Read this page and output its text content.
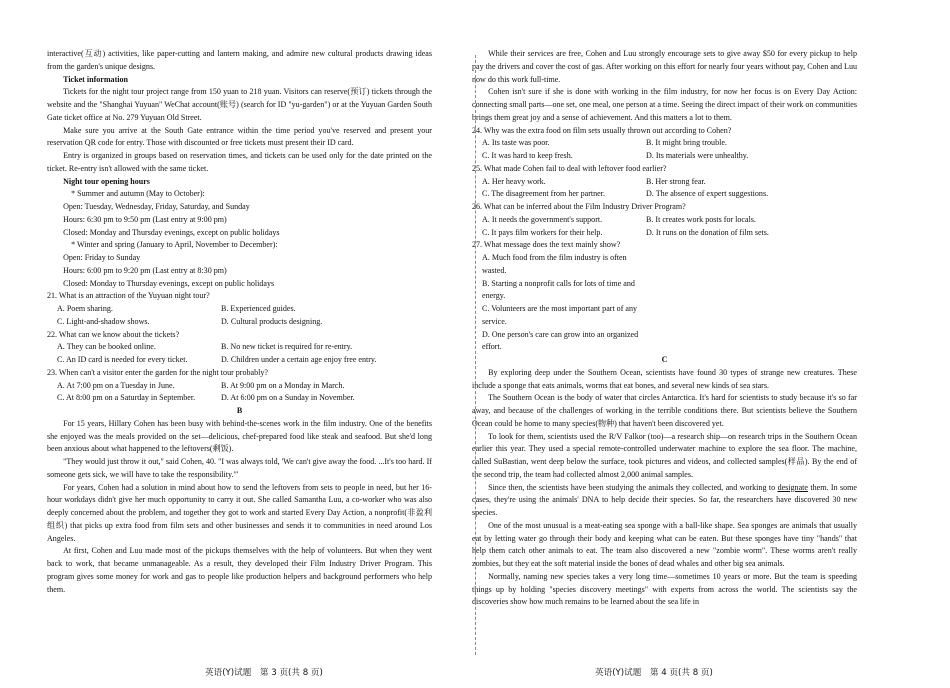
interactive(互动) activities, like paper-cutting and lantern making, and admire new cultural products drawing ideas from the garden's unique designs.

Ticket information

Tickets for the night tour project range from 150 yuan to 218 yuan. Visitors can reserve(预订) tickets through the website and the "Shanghai Yuyuan" WeChat account(账号) (search for ID "yu-garden") or at the Yuyuan Garden South Gate ticket office at No. 279 Yuyuan Old Street.

Make sure you arrive at the South Gate entrance within the time period you've reserved and present your reservation QR code for entry. Those with discounted or free tickets must present their ID card.

Entry is organized in groups based on reservation times, and tickets can be used only for the date printed on the ticket. Re-entry isn't allowed with the same ticket.

Night tour opening hours

* Summer and autumn (May to October):

Open: Tuesday, Wednesday, Friday, Saturday, and Sunday

Hours: 6:30 pm to 9:50 pm (Last entry at 9:00 pm)

Closed: Monday and Thursday evenings, except on public holidays

* Winter and spring (January to April, November to December):

Open: Friday to Sunday

Hours: 6:00 pm to 9:20 pm (Last entry at 8:30 pm)

Closed: Monday to Thursday evenings, except on public holidays

21. What is an attraction of the Yuyuan night tour?

A. Poem sharing.	B. Experienced guides.
C. Light-and-shadow shows.	D. Cultural products designing.

22. What can we know about the tickets?

A. They can be booked online.	B. No new ticket is required for re-entry.
C. An ID card is needed for every ticket.	D. Children under a certain age enjoy free entry.

23. When can't a visitor enter the garden for the night tour probably?

A. At 7:00 pm on a Tuesday in June.	B. At 9:00 pm on a Monday in March.
C. At 8:00 pm on a Saturday in September.	D. At 6:00 pm on a Sunday in November.

B

For 15 years, Hillary Cohen has been busy with behind-the-scenes work in the film industry. One of the benefits she enjoyed was the meals provided on the set—delicious, chef-prepared food like steak and seafood. But she'd long been anxious about what happened to the leftovers(剩饭).

"They would just throw it out," said Cohen, 40. "I was always told, 'We can't give away the food. ...It's too hard. If someone gets sick, we will have to take the responsibility.'"

For years, Cohen had a solution in mind about how to send the leftovers from sets to people in need, but her 16-hour workdays didn't give her much opportunity to carry it out. She called Samantha Luu, a co-worker who was also deeply concerned about the problem, and together they got to work and started Every Day Action, a nonprofit(非盈利组织) that picks up extra food from film sets and other businesses and sends it to communities in need around Los Angeles.

At first, Cohen and Luu made most of the pickups themselves with the help of volunteers. But when they went back to work, that became unmanageable. As a result, they developed their Film Industry Driver Program. This program gives some money for work and gas to people like production helpers and background performers who help them.

英语(Y)试题　第 3 页(共 8 页)

While their services are free, Cohen and Luu strongly encourage sets to give away $50 for every pickup to help pay the drivers and cover the cost of gas. After working on this effort for nearly four years without pay, Cohen and Luu now do this work full-time.

Cohen isn't sure if she is done with working in the film industry, for now her focus is on Every Day Action: connecting small parts—one set, one meal, one person at a time. Seeing the direct impact of their work on communities brings them great joy and a sense of achievement. And this matters a lot to them.

24. Why was the extra food on film sets usually thrown out according to Cohen?

A. Its taste was poor.	B. It might bring trouble.
C. It was hard to keep fresh.	D. Its materials were unhealthy.

25. What made Cohen fail to deal with leftover food earlier?

A. Her heavy work.	B. Her strong fear.
C. The disagreement from her partner.	D. The absence of expert suggestions.

26. What can be inferred about the Film Industry Driver Program?

A. It needs the government's support.	B. It creates work posts for locals.
C. It pays film workers for their help.	D. It runs on the donation of film sets.

27. What message does the text mainly show?

A. Much food from the film industry is often wasted.

B. Starting a nonprofit calls for lots of time and energy.

C. Volunteers are the most important part of any service.

D. One person's care can grow into an organized effort.

C

By exploring deep under the Southern Ocean, scientists have found 30 types of strange new creatures. These include a sponge that eats animals, worms that eat bones, and several new kinds of sea stars.

The Southern Ocean is the body of water that circles Antarctica. It's hard for scientists to study because it's so far away, and because of the challenges of working in the terrible conditions there. But scientists believe the Southern Ocean could be home to many species(物种) that haven't been discovered yet.

To look for them, scientists used the R/V Falkor (too)—a research ship—on research trips in the Southern Ocean earlier this year. They used a special remote-controlled underwater machine to explore the sea floor. The machine, called SuBastian, went deep below the surface, took pictures and videos, and collected samples(样品). By the end of the second trip, the team had collected almost 2,000 animal samples.

Since then, the scientists have been studying the animals they collected, and working to designate them. In some cases, they're using the animals' DNA to help decide their species. So far, the researchers have discovered 30 new species.

One of the most unusual is a meat-eating sea sponge with a ball-like shape. Sea sponges are animals that usually eat by letting water go through their body and keeping what can be eaten. But these sponges have tiny "hands" that help them catch other animals to eat. The team also discovered a new "zombie worm". These worms aren't really zombies, but they eat the soft material inside the bones of dead whales and other big sea animals.

Normally, naming new species takes a very long time—sometimes 10 years or more. But the team is speeding things up by holding "species discovery meetings" with experts from across the world. The scientists say the discoveries show how much remains to be learned about the sea life in

英语(Y)试题　第 4 页(共 8 页)
